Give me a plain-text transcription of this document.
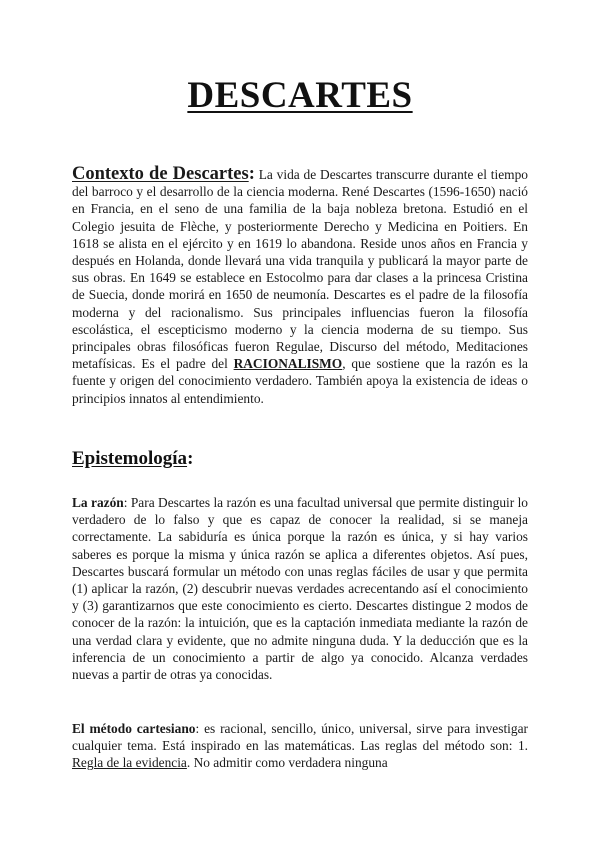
DESCARTES

Contexto de Descartes: La vida de Descartes transcurre durante el tiempo del barroco y el desarrollo de la ciencia moderna. René Descartes (1596-1650) nació en Francia, en el seno de una familia de la baja nobleza bretona. Estudió en el Colegio jesuita de Flèche, y posteriormente Derecho y Medicina en Poitiers. En 1618 se alista en el ejército y en 1619 lo abandona. Reside unos años en Francia y después en Holanda, donde llevará una vida tranquila y publicará la mayor parte de sus obras. En 1649 se establece en Estocolmo para dar clases a la princesa Cristina de Suecia, donde morirá en 1650 de neumonía. Descartes es el padre de la filosofía moderna y del racionalismo. Sus principales influencias fueron la filosofía escolástica, el escepticismo moderno y la ciencia moderna de su tiempo. Sus principales obras filosóficas fueron Regulae, Discurso del método, Meditaciones metafísicas. Es el padre del RACIONALISMO, que sostiene que la razón es la fuente y origen del conocimiento verdadero. También apoya la existencia de ideas o principios innatos al entendimiento.

Epistemología:

La razón: Para Descartes la razón es una facultad universal que permite distinguir lo verdadero de lo falso y que es capaz de conocer la realidad, si se maneja correctamente. La sabiduría es única porque la razón es única, y si hay varios saberes es porque la misma y única razón se aplica a diferentes objetos. Así pues, Descartes buscará formular un método con unas reglas fáciles de usar y que permita (1) aplicar la razón, (2) descubrir nuevas verdades acrecentando así el conocimiento y (3) garantizarnos que este conocimiento es cierto. Descartes distingue 2 modos de conocer de la razón: la intuición, que es la captación inmediata mediante la razón de una verdad clara y evidente, que no admite ninguna duda. Y la deducción que es la inferencia de un conocimiento a partir de algo ya conocido. Alcanza verdades nuevas a partir de otras ya conocidas.

El método cartesiano: es racional, sencillo, único, universal, sirve para investigar cualquier tema. Está inspirado en las matemáticas. Las reglas del método son: 1. Regla de la evidencia. No admitir como verdadera ninguna
